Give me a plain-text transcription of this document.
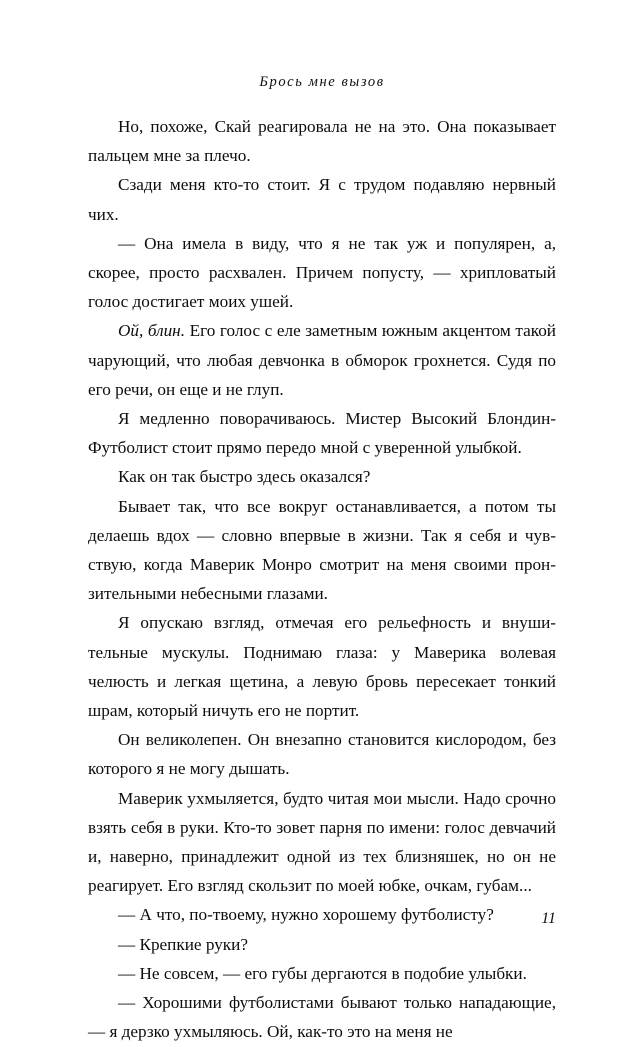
Брось мне вызов

Но, похоже, Скай реагировала не на это. Она показывает пальцем мне за плечо.

Сзади меня кто-то стоит. Я с трудом подавляю нервный чих.

— Она имела в виду, что я не так уж и популярен, а, скорее, просто расхвален. Причем попусту, — хрипловатый голос достигает моих ушей.

Ой, блин. Его голос с еле заметным южным акцентом такой чарующий, что любая девчонка в обморок грохнется. Судя по его речи, он еще и не глуп.

Я медленно поворачиваюсь. Мистер Высокий Блондин-Футболист стоит прямо передо мной с уверенной улыбкой.

Как он так быстро здесь оказался?

Бывает так, что все вокруг останавливается, а потом ты делаешь вдох — словно впервые в жизни. Так я себя и чувствую, когда Маверик Монро смотрит на меня своими пронзительными небесными глазами.

Я опускаю взгляд, отмечая его рельефность и внушительные мускулы. Поднимаю глаза: у Маверика волевая челюсть и легкая щетина, а левую бровь пересекает тонкий шрам, который ничуть его не портит.

Он великолепен. Он внезапно становится кислородом, без которого я не могу дышать.

Маверик ухмыляется, будто читая мои мысли. Надо срочно взять себя в руки. Кто-то зовет парня по имени: голос девчачий и, наверно, принадлежит одной из тех близняшек, но он не реагирует. Его взгляд скользит по моей юбке, очкам, губам...

— А что, по-твоему, нужно хорошему футболисту?

— Крепкие руки?

— Не совсем, — его губы дергаются в подобие улыбки.

— Хорошими футболистами бывают только нападающие, — я дерзко ухмыляюсь. Ой, как-то это на меня не

11
